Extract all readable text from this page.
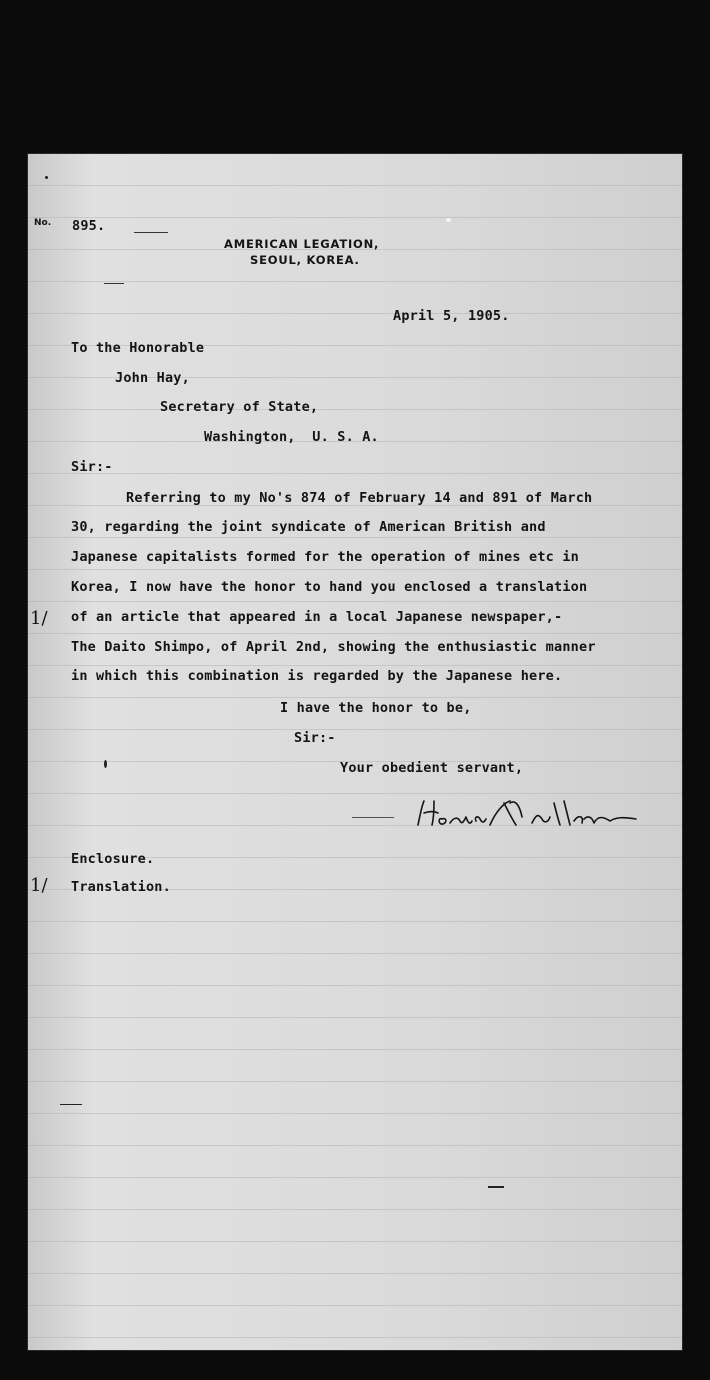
No. 895.
AMERICAN LEGATION,
SEOUL, KOREA.
April 5, 1905.
To the Honorable
John Hay,
Secretary of State,
Washington,  U. S. A.
Sir:-
Referring to my No's 874 of February 14 and 891 of March
30, regarding the joint syndicate of American British and
Japanese capitalists formed for the operation of mines etc in
Korea, I now have the honor to hand you enclosed a translation
of an article that appeared in a local Japanese newspaper,-
The Daito Shimpo, of April 2nd, showing the enthusiastic manner
in which this combination is regarded by the Japanese here.
1/
1/
I have the honor to be,
Sir:-
Your obedient servant,
Enclosure.
Translation.
